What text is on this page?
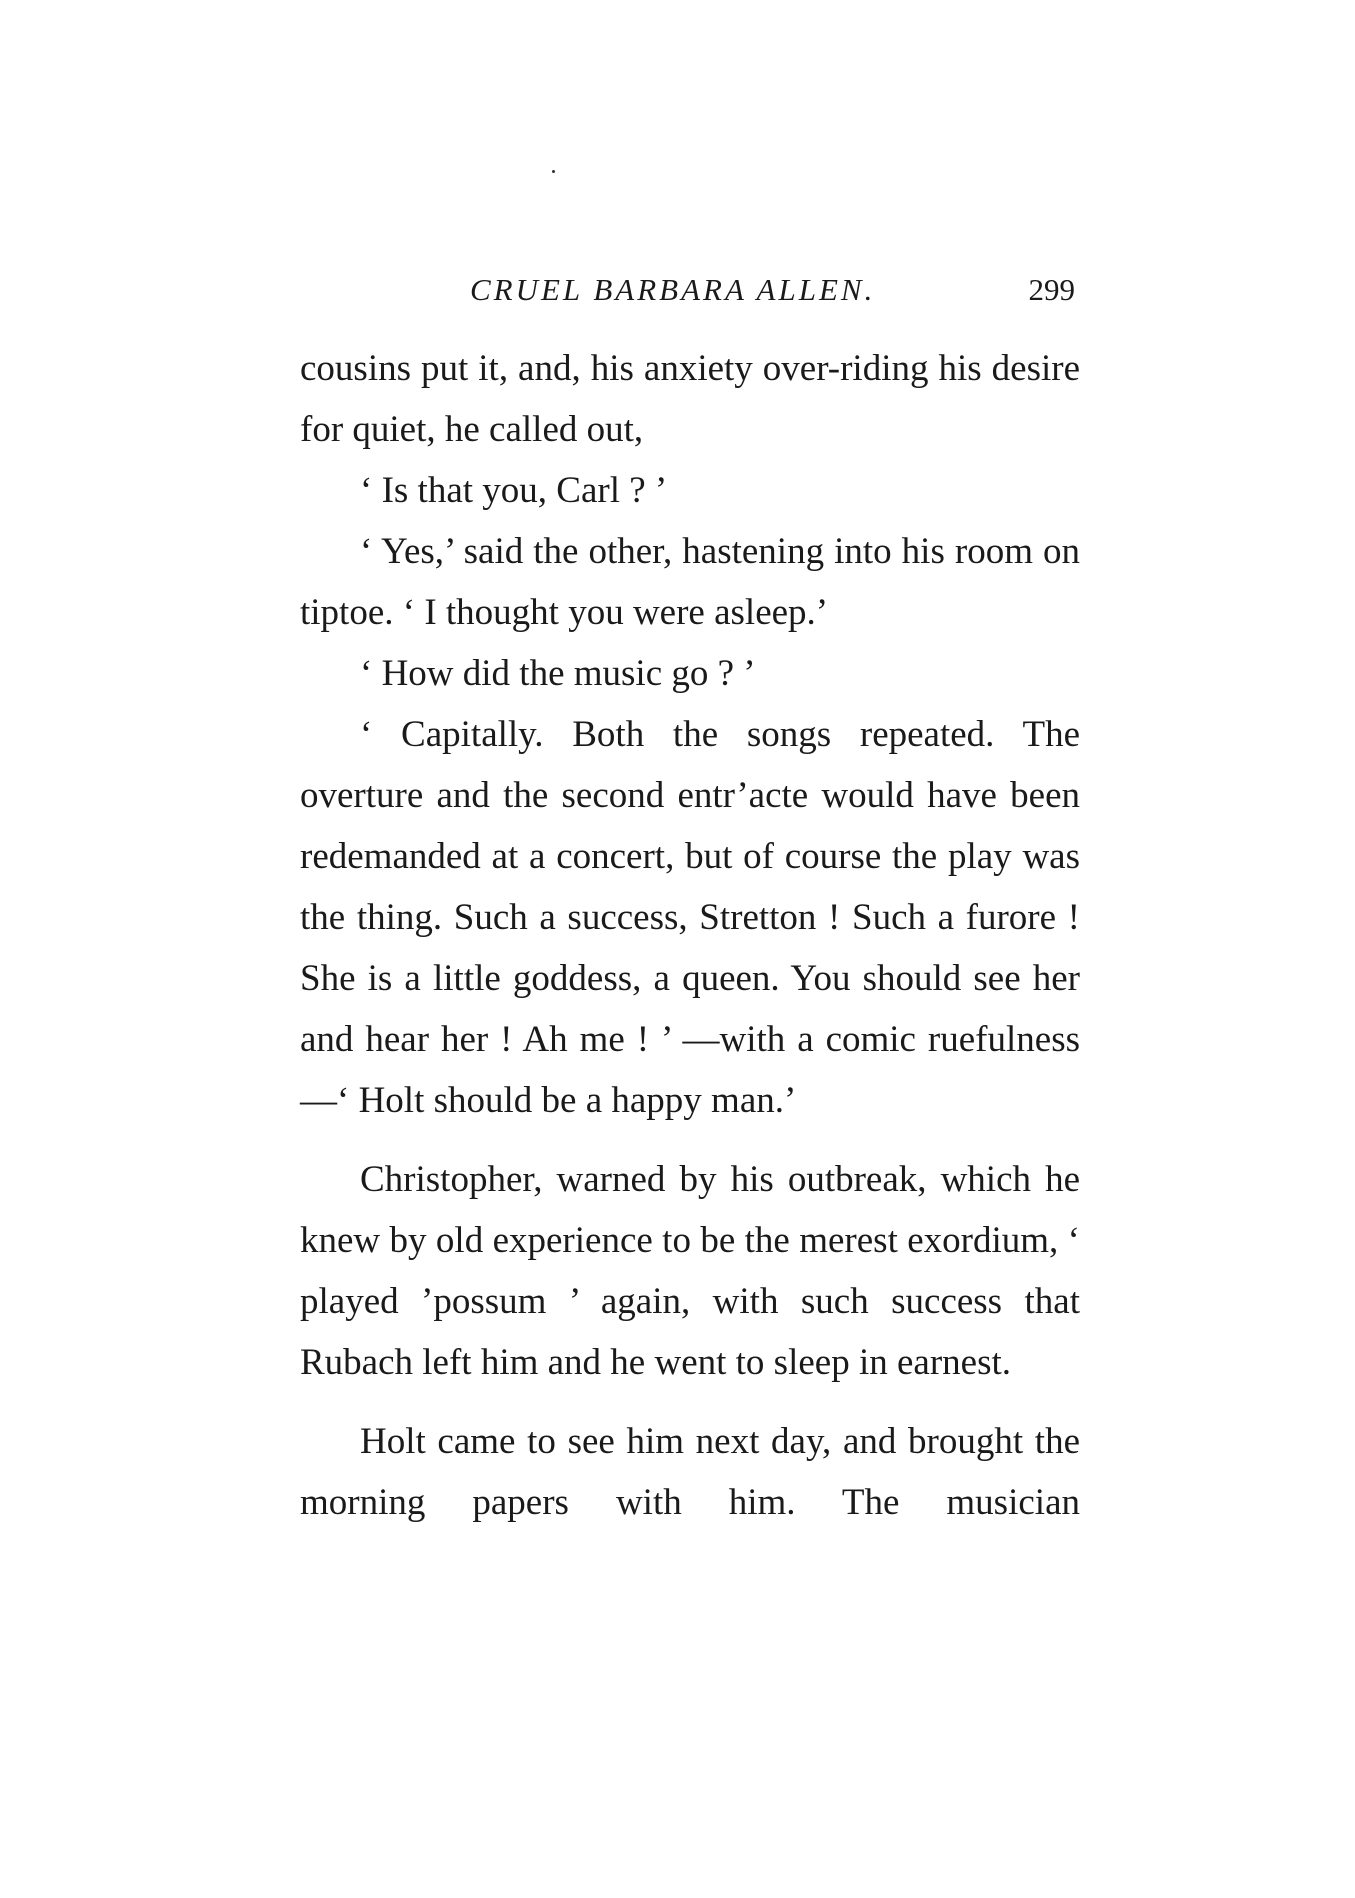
CRUEL BARBARA ALLEN.	299

cousins put it, and, his anxiety over-riding his desire for quiet, he called out,

‘ Is that you, Carl ? ’

‘ Yes,’ said the other, hastening into his room on tiptoe. ‘ I thought you were asleep.’

‘ How did the music go ? ’

‘ Capitally. Both the songs repeated. The overture and the second entr’acte would have been redemanded at a concert, but of course the play was the thing. Such a success, Stretton ! Such a furore ! She is a little goddess, a queen. You should see her and hear her ! Ah me ! ’ —with a comic ruefulness—‘ Holt should be a happy man.’

Christopher, warned by his outbreak, which he knew by old experience to be the merest exordium, ‘ played ’possum ’ again, with such success that Rubach left him and he went to sleep in earnest.

Holt came to see him next day, and brought the morning papers with him. The musician
